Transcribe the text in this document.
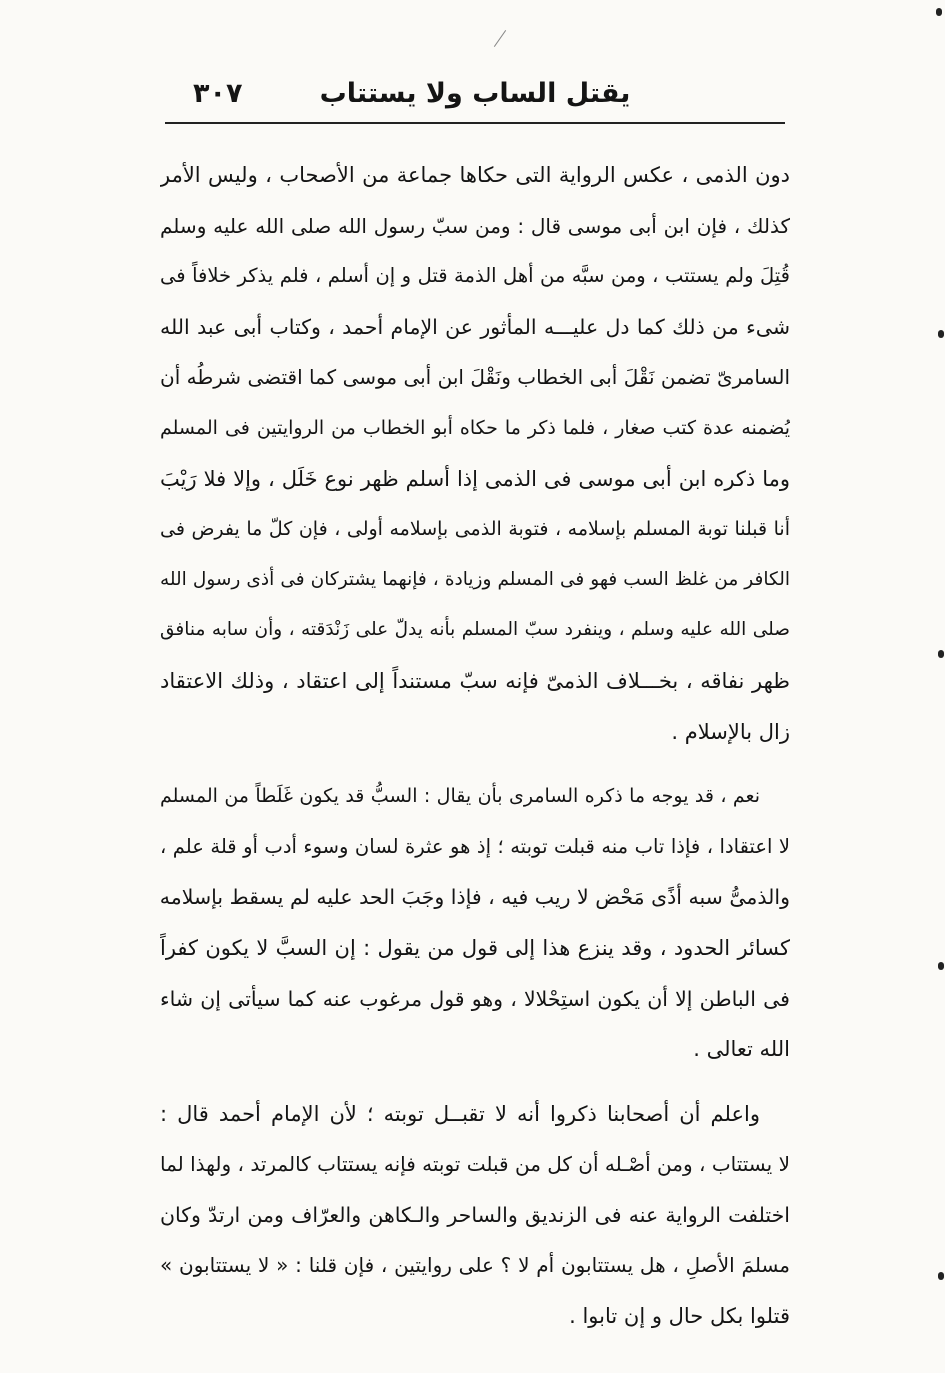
٣٠٧	يقتل الساب ولا يستتاب
دون الذمى ، عكس الرواية التى حكاها جماعة من الأصحاب ، وليس الأمر
كذلك ، فإن ابن أبى موسى قال : ومن سبّ رسول الله صلى الله عليه وسلم
قُتِلَ ولم يستتب ، ومن سبَّه من أهل الذمة قتل و إن أسلم ، فلم يذكر خلافاً فى
شىء من ذلك كما دل عليـــه المأثور عن الإمام أحمد ، وكتاب أبى عبد الله
السامرىّ تضمن نَقْلَ أبى الخطاب ونَقْلَ ابن أبى موسى كما اقتضى شرطُه أن
يُضمنه عدة كتب صغار ، فلما ذكر ما حكاه أبو الخطاب من الروايتين فى المسلم
وما ذكره ابن أبى موسى فى الذمى إذا أسلم ظهر نوع خَلَل ، وإلا فلا رَيْبَ
أنا قبلنا توبة المسلم بإسلامه ، فتوبة الذمى بإسلامه أولى ، فإن كلّ ما يفرض فى
الكافر من غلظ السب فهو فى المسلم وزيادة ، فإنهما يشتركان فى أذى رسول الله
صلى الله عليه وسلم ، وينفرد سبّ المسلم بأنه يدلّ على زَنْدَقته ، وأن سابه منافق
ظهر نفاقه ، بخـــلاف الذمىّ فإنه سبّ مستنداً إلى اعتقاد ، وذلك الاعتقاد
زال بالإسلام .
نعم ، قد يوجه ما ذكره السامرى بأن يقال : السبُّ قد يكون غَلَطاً من المسلم
لا اعتقادا ، فإذا تاب منه قبلت توبته ؛ إذ هو عثرة لسان وسوء أدب أو قلة علم ،
والذمىُّ سبه أذًى مَحْض لا ريب فيه ، فإذا وجَبَ الحد عليه لم يسقط بإسلامه
كسائر الحدود ، وقد ينزع هذا إلى قول من يقول : إن السبَّ لا يكون كفراً
فى الباطن إلا أن يكون استِحْلالا ، وهو قول مرغوب عنه كما سيأتى إن شاء
الله تعالى .
واعلم أن أصحابنا ذكروا أنه لا تقبــل توبته ؛ لأن الإمام أحمد قال :
لا يستتاب ، ومن أصْـله أن كل من قبلت توبته فإنه يستتاب كالمرتد ، ولهذا لما
اختلفت الرواية عنه فى الزنديق والساحر والـكاهن والعرّاف ومن ارتدّ وكان
مسلمَ الأصلِ ، هل يستتابون أم لا ؟ على روايتين ، فإن قلنا : « لا يستتابون »
قتلوا بكل حال و إن تابوا .
